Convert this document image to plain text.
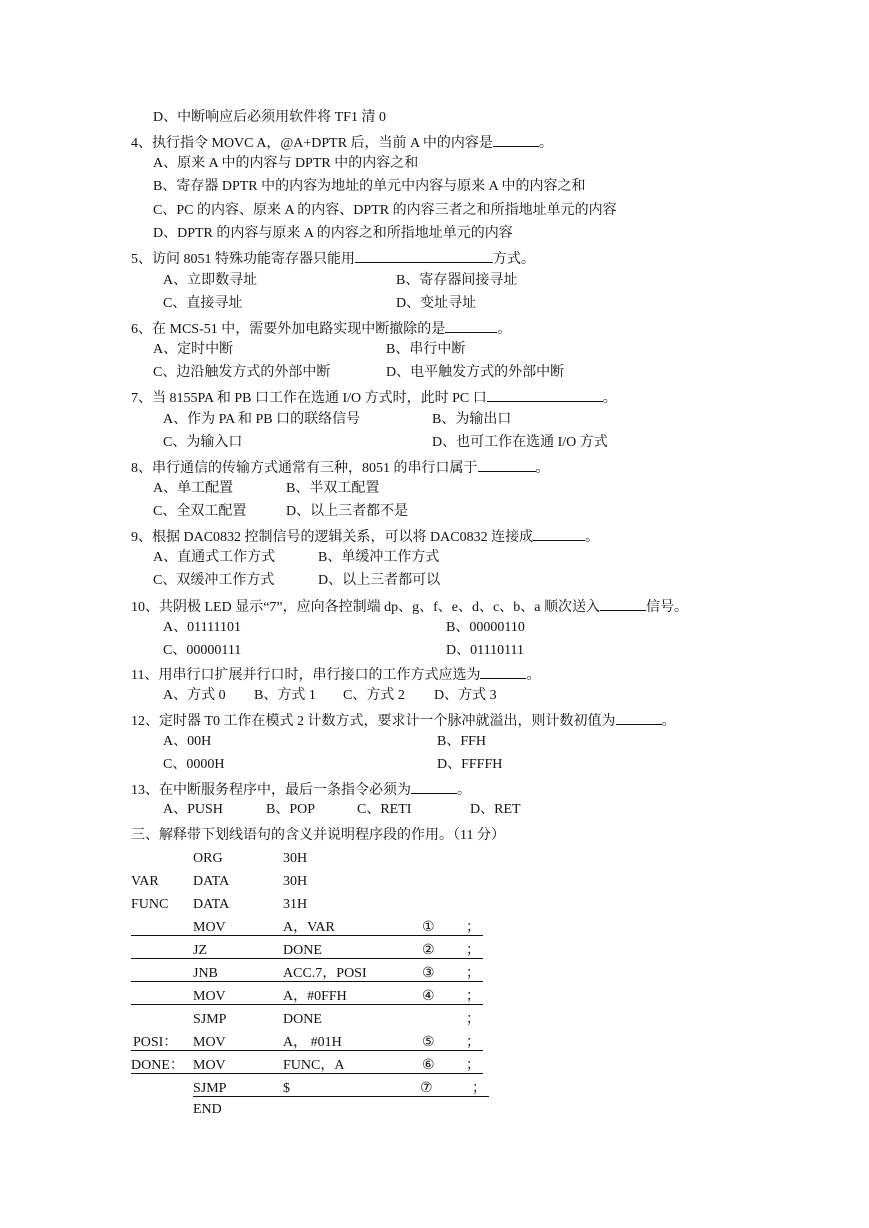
D、中断响应后必须用软件将 TF1 清 0
4、执行指令 MOVC A，@A+DPTR 后，当前 A 中的内容是	。
A、原来 A 中的内容与 DPTR 中的内容之和
B、寄存器 DPTR 中的内容为地址的单元中内容与原来 A 中的内容之和
C、PC 的内容、原来 A 的内容、DPTR 的内容三者之和所指地址单元的内容
D、DPTR 的内容与原来 A 的内容之和所指地址单元的内容
5、访问 8051 特殊功能寄存器只能用	方式。
A、立即数寻址	B、寄存器间接寻址
C、直接寻址	D、变址寻址
6、在 MCS-51 中，需要外加电路实现中断撤除的是	。
A、定时中断	B、串行中断
C、边沿触发方式的外部中断	D、电平触发方式的外部中断
7、当 8155PA 和 PB 口工作在选通 I/O 方式时，此时 PC 口	。
A、作为 PA 和 PB 口的联络信号	B、为输出口
C、为输入口	D、也可工作在选通 I/O 方式
8、串行通信的传输方式通常有三种，8051 的串行口属于	。
A、单工配置	B、半双工配置
C、全双工配置	D、以上三者都不是
9、根据 DAC0832 控制信号的逻辑关系，可以将 DAC0832 连接成	。
A、直通式工作方式	B、单缓冲工作方式
C、双缓冲工作方式	D、以上三者都可以
10、共阴极 LED 显示“7”，应向各控制端 dp、g、f、e、d、c、b、a 顺次送入	信号。
A、01111101	B、00000110
C、00000111	D、01110111
11、用串行口扩展并行口时，串行接口的工作方式应选为	。
A、方式 0 B、方式 1 C、方式 2 D、方式 3
12、定时器 T0 工作在模式 2 计数方式，要求计一个脉冲就溢出，则计数初值为	。
A、00H	B、FFH
C、0000H	D、FFFFH
13、在中断服务程序中，最后一条指令必须为	。
A、PUSH	B、POP	C、RETI	D、RET
三、解释带下划线语句的含义并说明程序段的作用。（11 分）
ORG	30H
VAR DATA	30H
FUNC DATA	31H
MOV	A，VAR	① ；
JZ	DONE	② ；
JNB	ACC.7，POSI	③ ；
MOV	A，#0FFH	④ ；
SJMP	DONE	；
POSI： MOV	A， #01H	⑤ ；
DONE： MOV	FUNC，A	⑥ ；
SJMP	$	⑦	；
END
